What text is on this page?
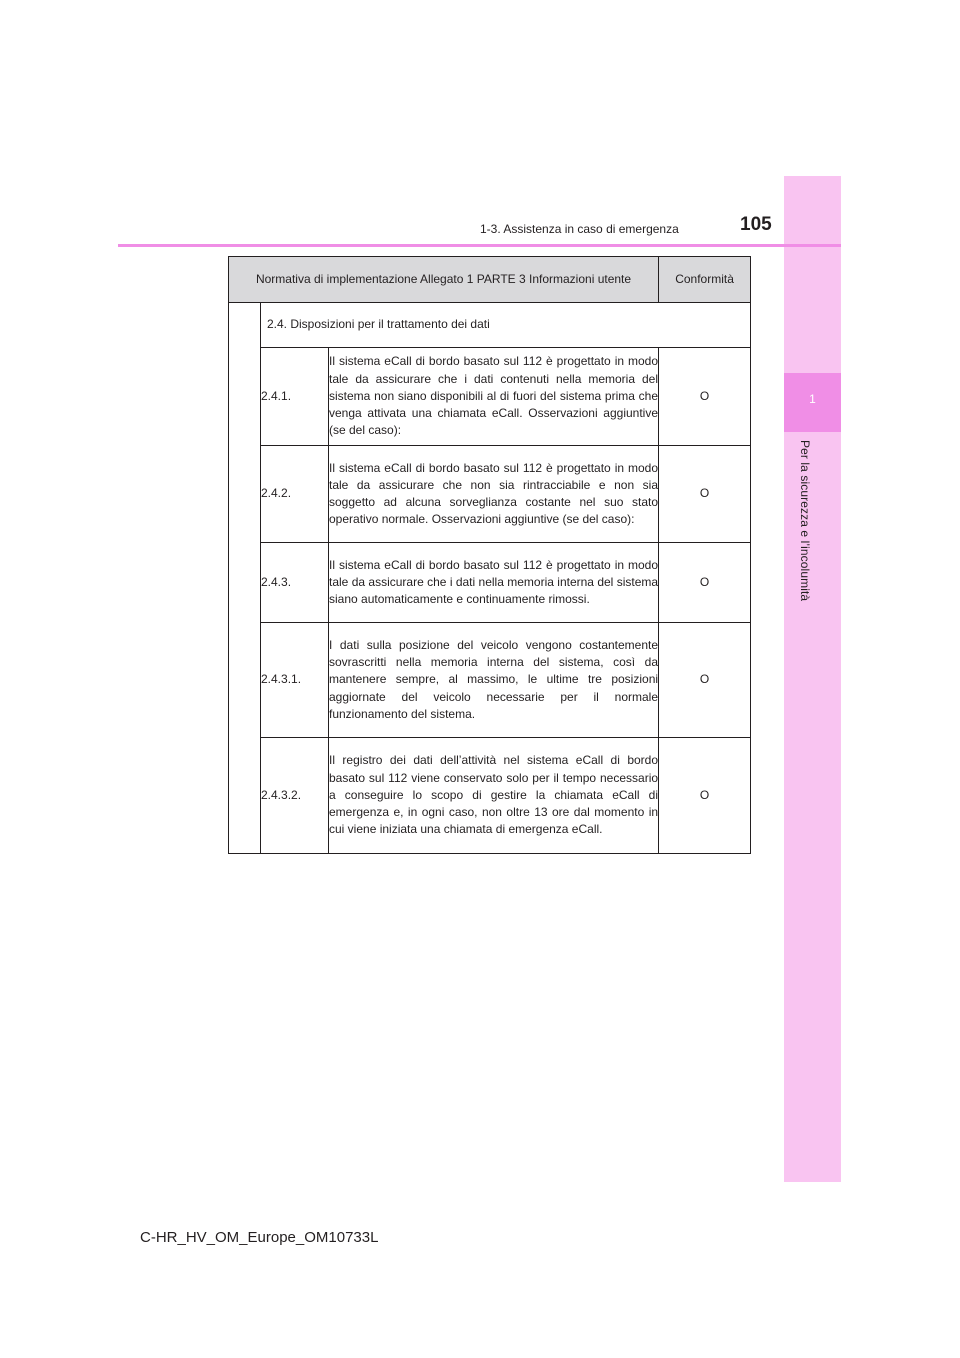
1
Per la sicurezza e l’incolumità
1-3. Assistenza in caso di emergenza	105
Normativa di implementazione Allegato 1 PARTE 3 Informazioni utente			Conformità
	2.4. Disposizioni per il trattamento dei dati		
	2.4.1.	Il sistema eCall di bordo basato sul 112 è progettato in modo tale da assicurare che i dati contenuti nella memoria del sistema non siano disponibili al di fuori del sistema prima che venga attivata una chiamata eCall. Osservazioni aggiuntive (se del caso):	O
	2.4.2.	Il sistema eCall di bordo basato sul 112 è progettato in modo tale da assicurare che non sia rintracciabile e non sia soggetto ad alcuna sorveglianza costante nel suo stato operativo normale. Osservazioni aggiuntive (se del caso):	O
	2.4.3.	Il sistema eCall di bordo basato sul 112 è progettato in modo tale da assicurare che i dati nella memoria interna del sistema siano automaticamente e continuamente rimossi.	O
	2.4.3.1.	I dati sulla posizione del veicolo vengono costantemente sovrascritti nella memoria interna del sistema, così da mantenere sempre, al massimo, le ultime tre posizioni aggiornate del veicolo necessarie per il normale funzionamento del sistema.	O
	2.4.3.2.	Il registro dei dati dell’attività nel sistema eCall di bordo basato sul 112 viene conservato solo per il tempo necessario a conseguire lo scopo di gestire la chiamata eCall di emergenza e, in ogni caso, non oltre 13 ore dal momento in cui viene iniziata una chiamata di emergenza eCall.	O
C-HR_HV_OM_Europe_OM10733L
